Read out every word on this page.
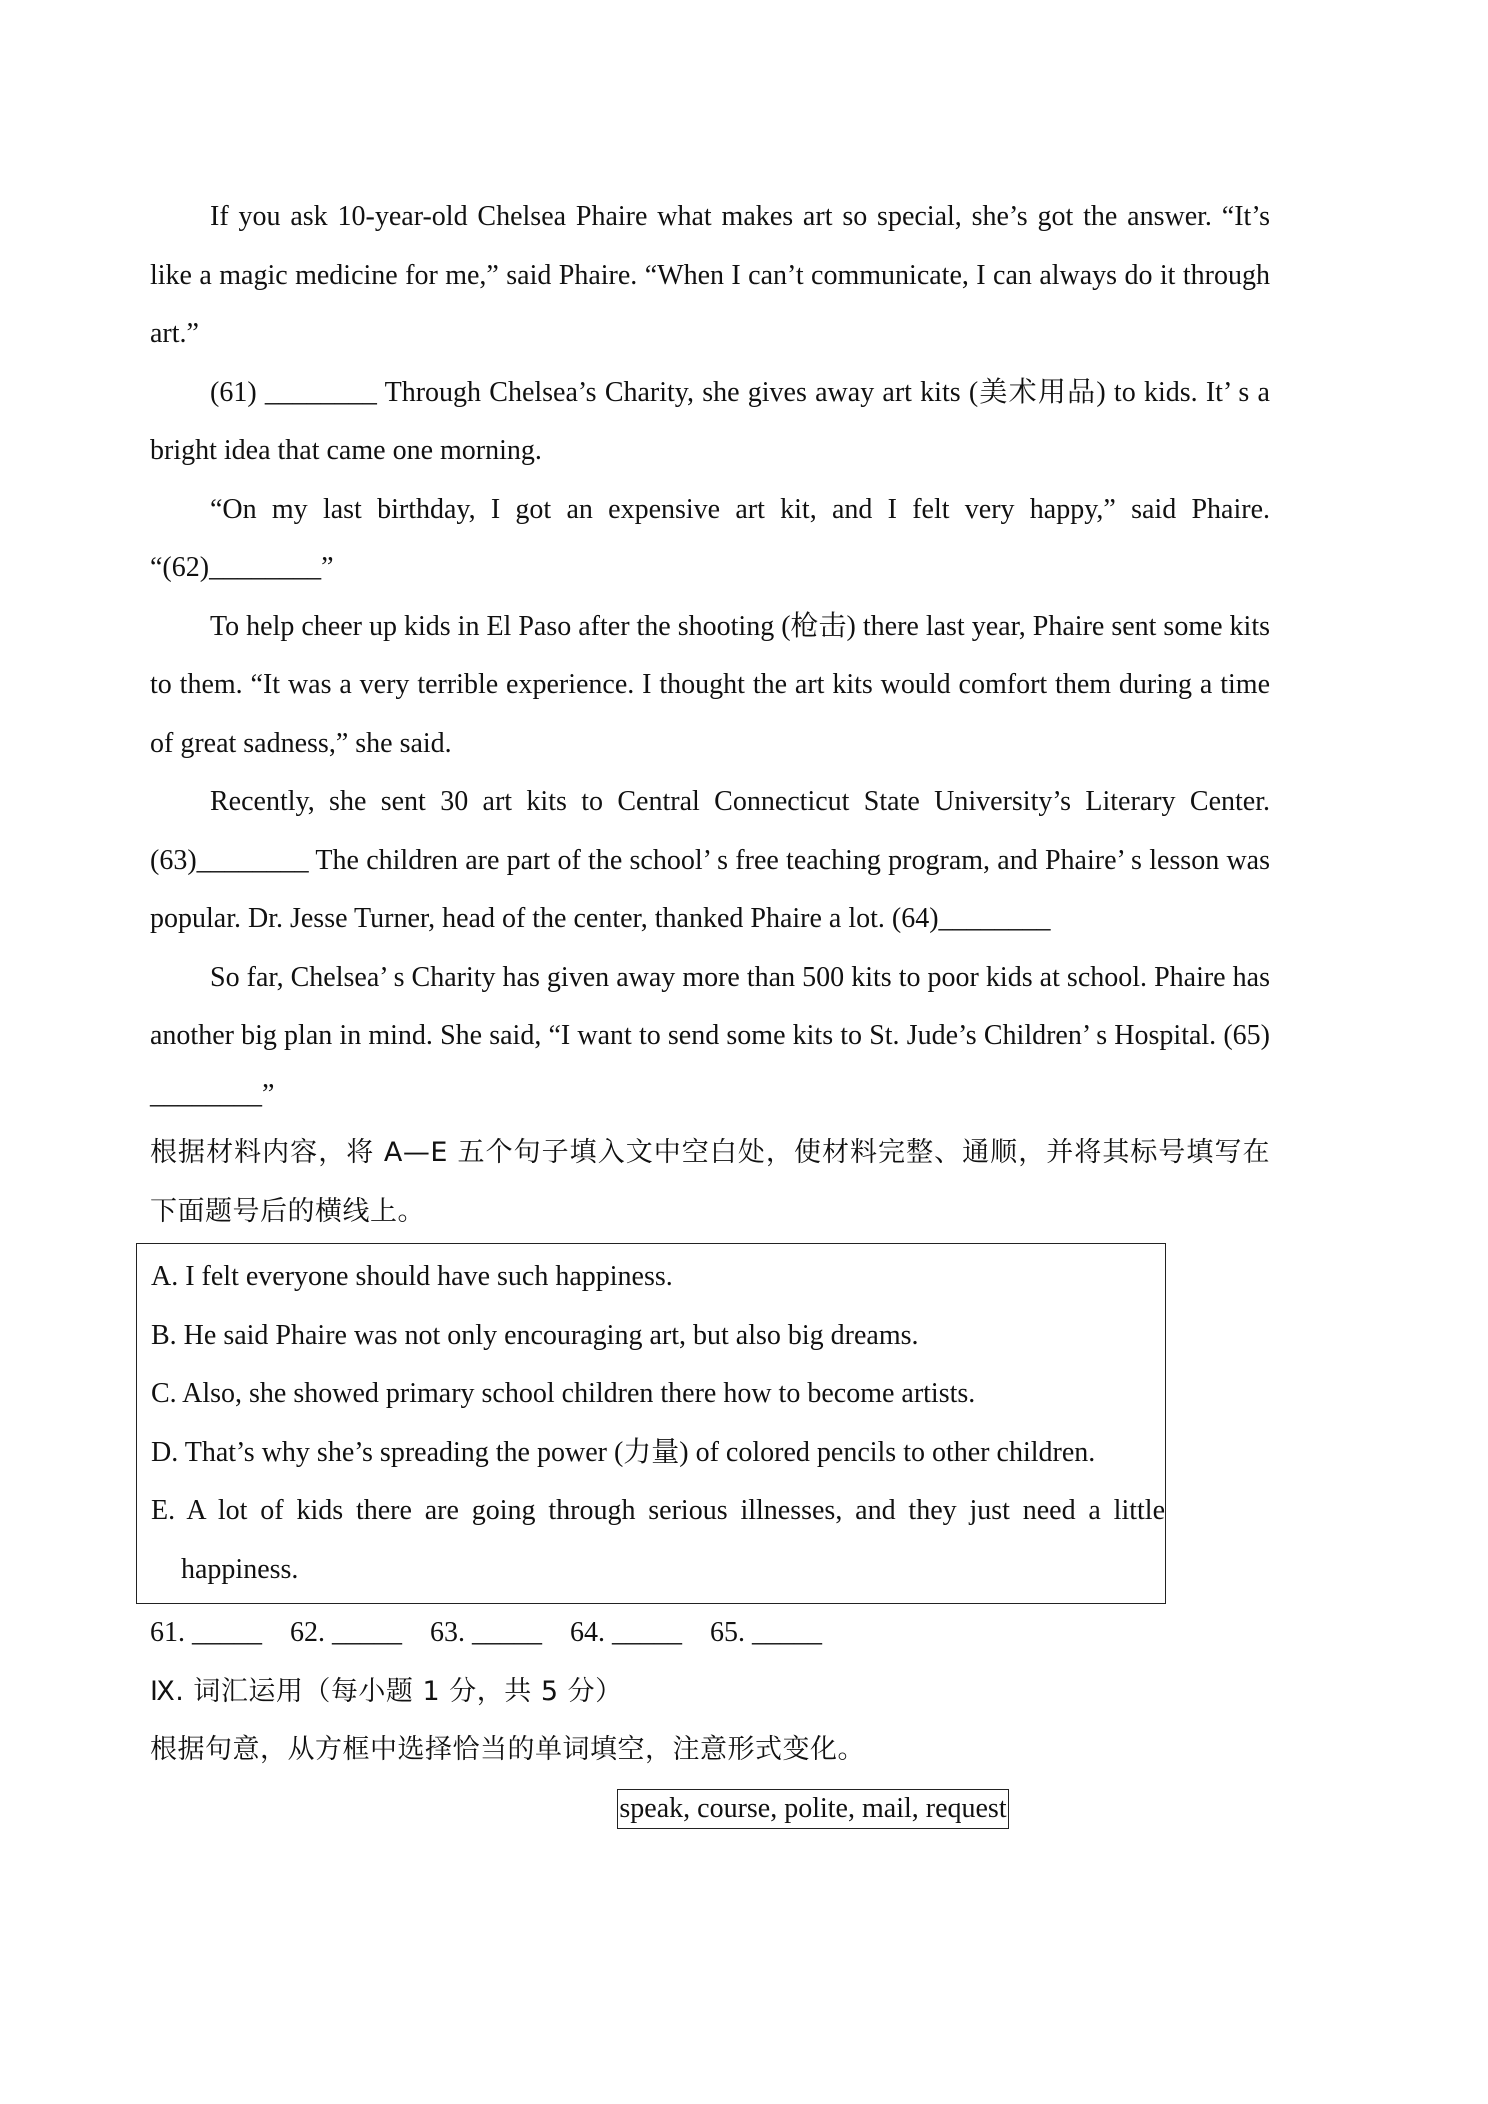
If you ask 10-year-old Chelsea Phaire what makes art so special, she’s got the answer. “It’s like a magic medicine for me,” said Phaire. “When I can’t communicate, I can always do it through art.”

(61) ________ Through Chelsea’s Charity, she gives away art kits (美术用品) to kids. It’ s a bright idea that came one morning.

“On my last birthday, I got an expensive art kit, and I felt very happy,” said Phaire. “(62)________”

To help cheer up kids in El Paso after the shooting (枪击) there last year, Phaire sent some kits to them. “It was a very terrible experience. I thought the art kits would comfort them during a time of great sadness,” she said.

Recently, she sent 30 art kits to Central Connecticut State University’s Literary Center. (63)________ The children are part of the school’ s free teaching program, and Phaire’ s lesson was popular. Dr. Jesse Turner, head of the center, thanked Phaire a lot. (64)________

So far, Chelsea’ s Charity has given away more than 500 kits to poor kids at school. Phaire has another big plan in mind. She said, “I want to send some kits to St. Jude’s Children’ s Hospital. (65) ________”

根据材料内容，将 A—E 五个句子填入文中空白处，使材料完整、通顺，并将其标号填写在下面题号后的横线上。

A. I felt everyone should have such happiness.

B. He said Phaire was not only encouraging art, but also big dreams.

C. Also, she showed primary school children there how to become artists.

D. That’s why she’s spreading the power (力量) of colored pencils to other children.

E. A lot of kids there are going through serious illnesses, and they just need a little happiness.

61. _____    62. _____    63. _____    64. _____    65. _____

Ⅸ. 词汇运用（每小题 1 分，共 5 分）

根据句意，从方框中选择恰当的单词填空，注意形式变化。

speak, course, polite, mail, request
